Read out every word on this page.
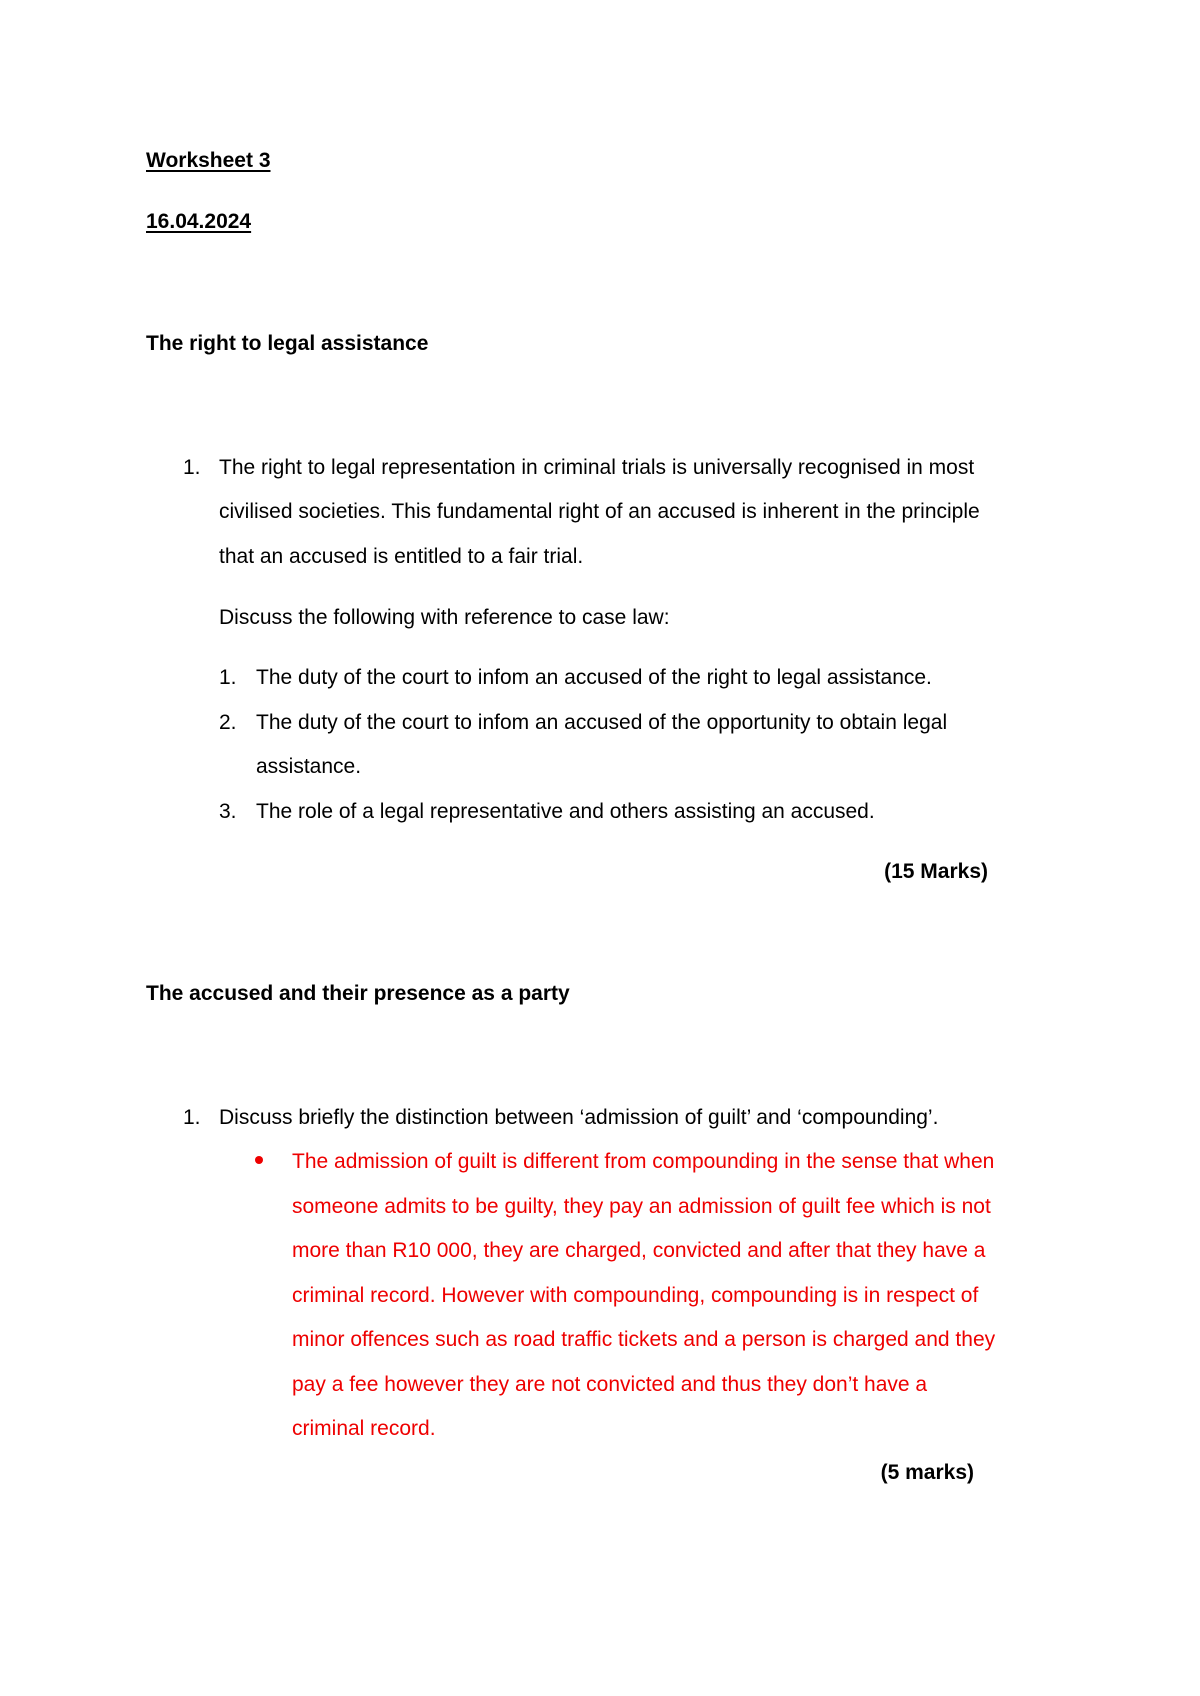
Worksheet 3
16.04.2024
The right to legal assistance
1. The right to legal representation in criminal trials is universally recognised in most
civilised societies. This fundamental right of an accused is inherent in the principle
that an accused is entitled to a fair trial.
Discuss the following with reference to case law:
1. The duty of the court to infom an accused of the right to legal assistance.
2. The duty of the court to infom an accused of the opportunity to obtain legal
assistance.
3. The role of a legal representative and others assisting an accused.
(15 Marks)
The accused and their presence as a party
1. Discuss briefly the distinction between ‘admission of guilt’ and ‘compounding’.
The admission of guilt is different from compounding in the sense that when
someone admits to be guilty, they pay an admission of guilt fee which is not
more than R10 000, they are charged, convicted and after that they have a
criminal record. However with compounding, compounding is in respect of
minor offences such as road traffic tickets and a person is charged and they
pay a fee however they are not convicted and thus they don’t have a
criminal record.
(5 marks)
